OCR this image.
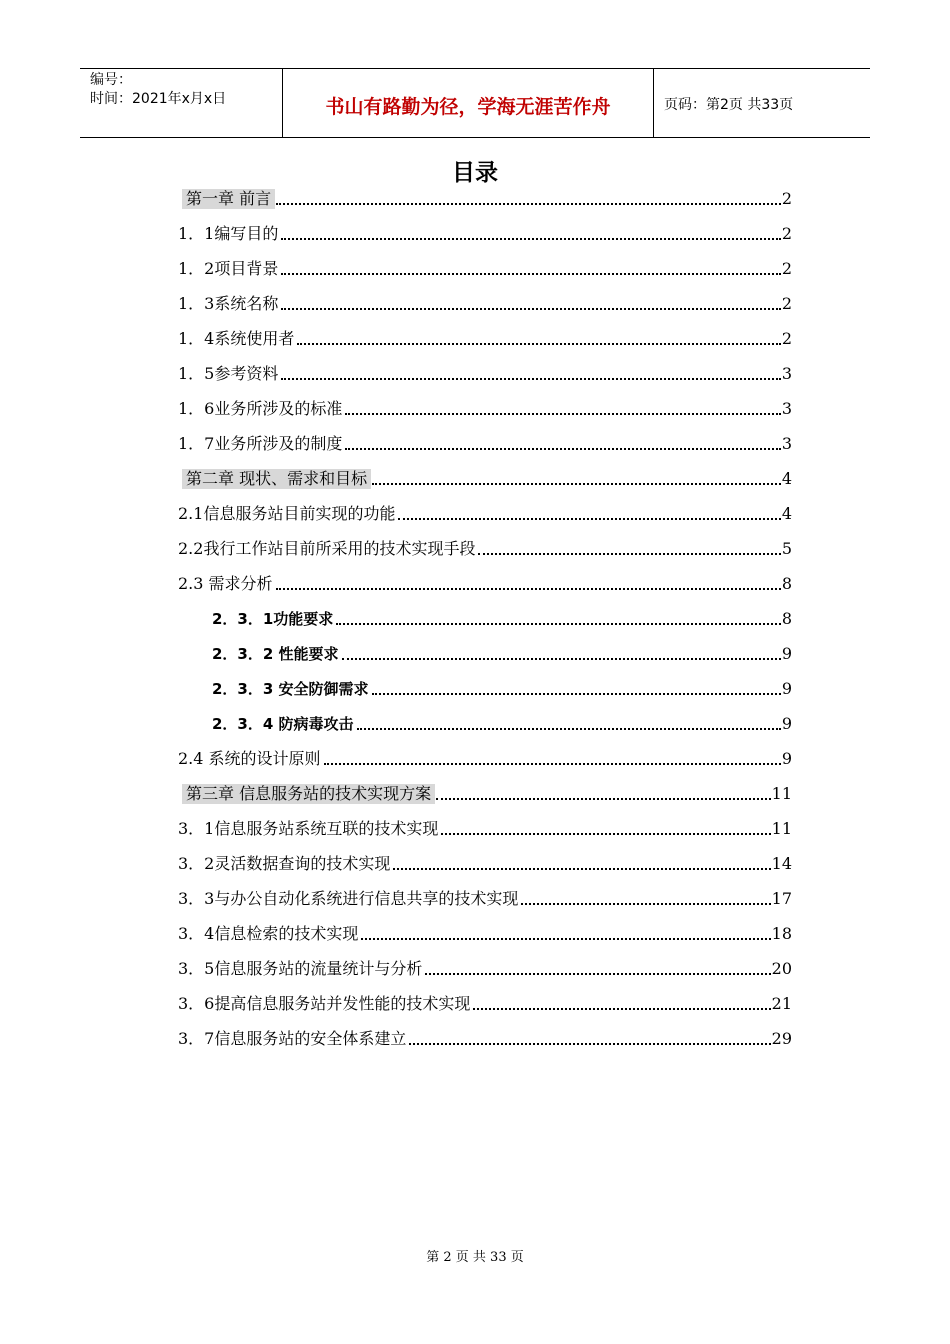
编号：
时间：2021年x月x日	书山有路勤为径，学海无涯苦作舟	页码：第2页 共33页
目录
第一章 前言	2
1．1编写目的	2
1．2项目背景	2
1．3系统名称	2
1．4系统使用者	2
1．5参考资料	3
1．6业务所涉及的标准	3
1．7业务所涉及的制度	3
第二章 现状、需求和目标	4
2.1信息服务站目前实现的功能	4
2.2我行工作站目前所采用的技术实现手段	5
2.3 需求分析	8
2．3．1功能要求	8
2．3．2 性能要求	9
2．3．3 安全防御需求	9
2．3．4 防病毒攻击	9
2.4 系统的设计原则	9
第三章 信息服务站的技术实现方案	11
3．1信息服务站系统互联的技术实现	11
3．2灵活数据查询的技术实现	14
3．3与办公自动化系统进行信息共享的技术实现	17
3．4信息检索的技术实现	18
3．5信息服务站的流量统计与分析	20
3．6提高信息服务站并发性能的技术实现	21
3．7信息服务站的安全体系建立	29
第 2 页 共 33 页
